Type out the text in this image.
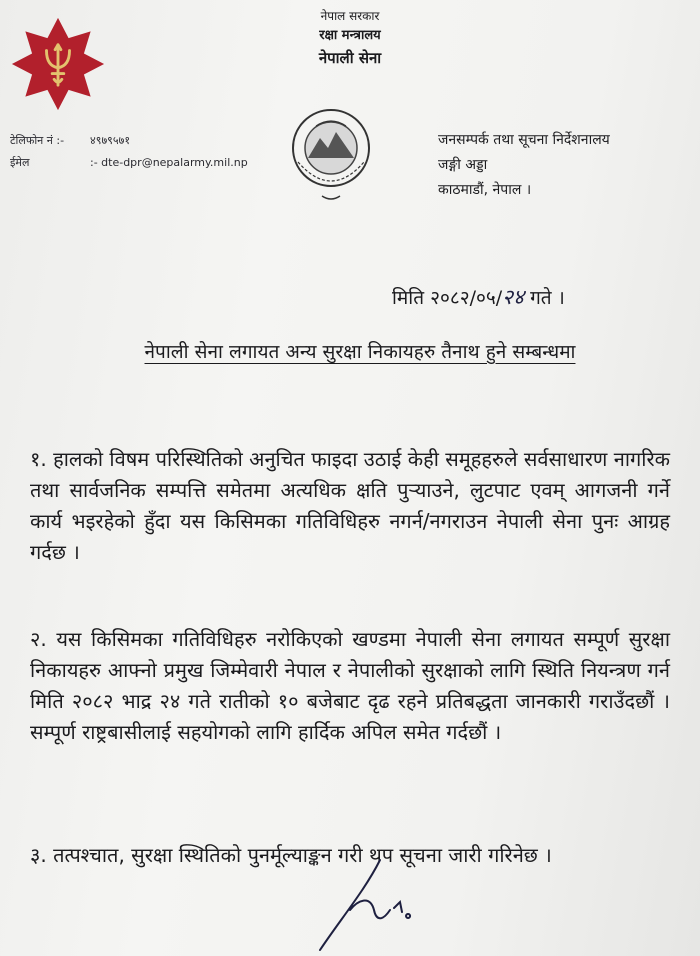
नेपाल सरकार
रक्षा मन्त्रालय
नेपाली सेना
टेलिफोन नं :-	४९७९५७१
ईमेल	:- dte-dpr@nepalarmy.mil.np
जनसम्पर्क तथा सूचना निर्देशनालय
जङ्गी अड्डा
काठमाडौं, नेपाल ।
मिति २०८२/०५/२४ गते ।
नेपाली सेना लगायत अन्य सुरक्षा निकायहरु तैनाथ हुने सम्बन्धमा
१. हालको विषम परिस्थितिको अनुचित फाइदा उठाई केही समूहहरुले सर्वसाधारण नागरिक तथा सार्वजनिक सम्पत्ति समेतमा अत्यधिक क्षति पुऱ्याउने, लुटपाट एवम् आगजनी गर्ने कार्य भइरहेको हुँदा यस किसिमका गतिविधिहरु नगर्न/नगराउन नेपाली सेना पुनः आग्रह गर्दछ ।
२. यस किसिमका गतिविधिहरु नरोकिएको खण्डमा नेपाली सेना लगायत सम्पूर्ण सुरक्षा निकायहरु आफ्नो प्रमुख जिम्मेवारी नेपाल र नेपालीको सुरक्षाको लागि स्थिति नियन्त्रण गर्न मिति २०८२ भाद्र २४ गते रातीको १० बजेबाट दृढ रहने प्रतिबद्धता जानकारी गराउँदछौं । सम्पूर्ण राष्ट्रबासीलाई सहयोगको लागि हार्दिक अपिल समेत गर्दछौं ।
३. तत्पश्चात, सुरक्षा स्थितिको पुनर्मूल्याङ्कन गरी थप सूचना जारी गरिनेछ ।
